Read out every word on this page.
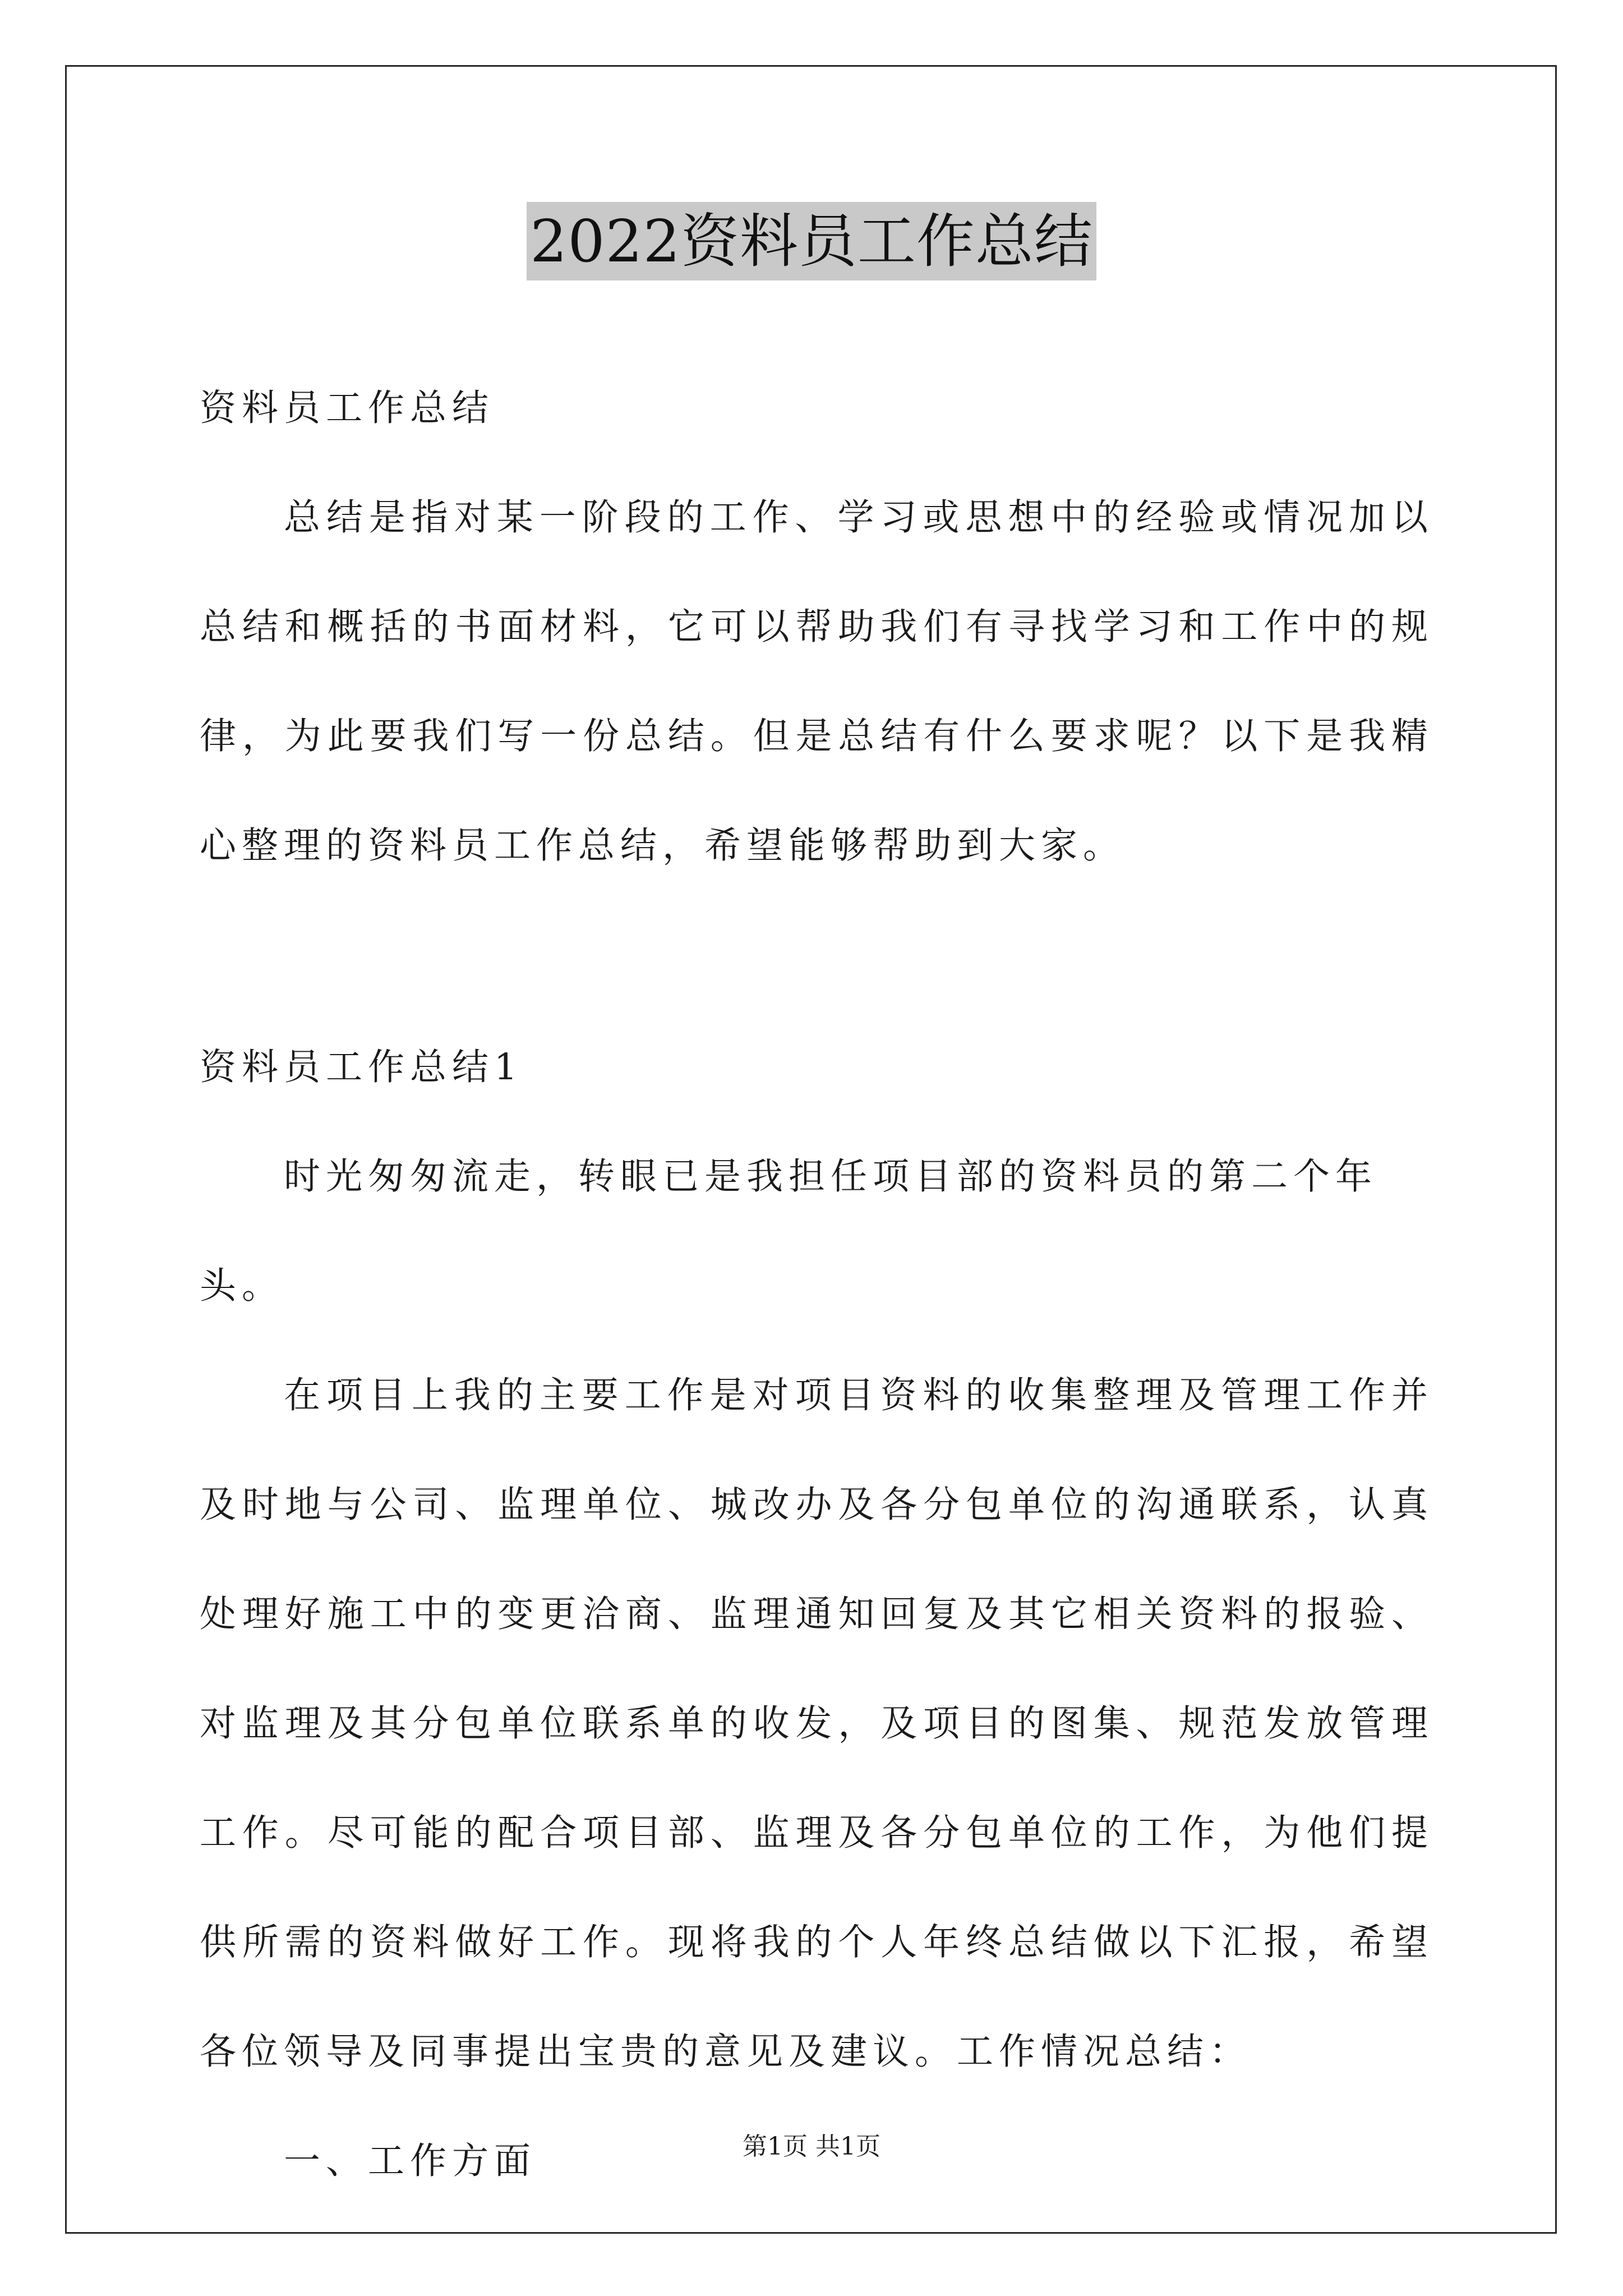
2022资料员工作总结

资料员工作总结

总结是指对某一阶段的工作、学习或思想中的经验或情况加以总结和概括的书面材料，它可以帮助我们有寻找学习和工作中的规律，为此要我们写一份总结。但是总结有什么要求呢？以下是我精心整理的资料员工作总结，希望能够帮助到大家。

资料员工作总结1

时光匆匆流走，转眼已是我担任项目部的资料员的第二个年头。

在项目上我的主要工作是对项目资料的收集整理及管理工作并及时地与公司、监理单位、城改办及各分包单位的沟通联系，认真处理好施工中的变更洽商、监理通知回复及其它相关资料的报验、对监理及其分包单位联系单的收发，及项目的图集、规范发放管理工作。尽可能的配合项目部、监理及各分包单位的工作，为他们提供所需的资料做好工作。现将我的个人年终总结做以下汇报，希望各位领导及同事提出宝贵的意见及建议。工作情况总结：

一、工作方面	第1页 共1页
